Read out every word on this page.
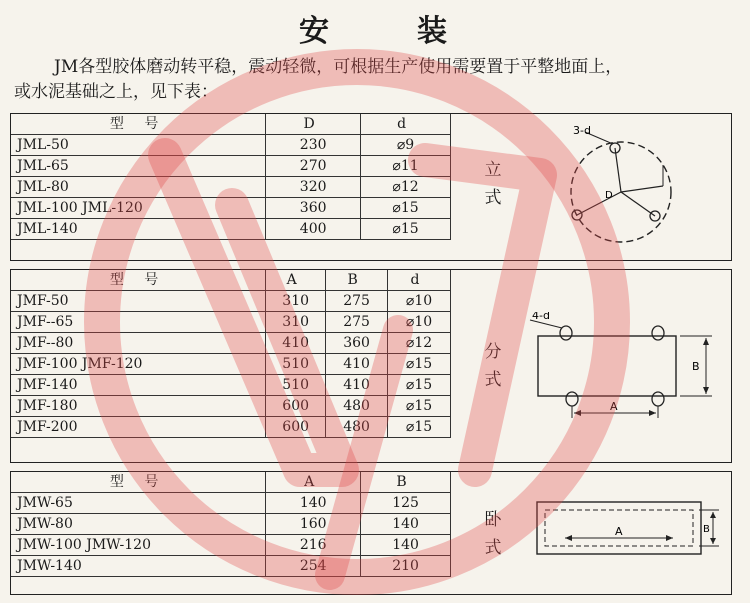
安	装

JM各型胶体磨动转平稳，震动轻微，可根据生产使用需要置于平整地面上，

或水泥基础之上，见下表：

型 号	D	d
JML-50	230	⌀9
JML-65	270	⌀11
JML-80	320	⌀12
JML-100 JML-120	360	⌀15
JML-140	400	⌀15
立
式
3-d
D
型 号	A	B	d
JMF-50	310	275	⌀10
JMF--65	310	275	⌀10
JMF--80	410	360	⌀12
JMF-100 JMF-120	510	410	⌀15
JMF-140	510	410	⌀15
JMF-180	600	480	⌀15
JMF-200	600	480	⌀15
分
式
4-d
A
B
型 号	A	B
JMW-65	140	125
JMW-80	160	140
JMW-100 JMW-120	216	140
JMW-140	254	210
卧
式
A	B
